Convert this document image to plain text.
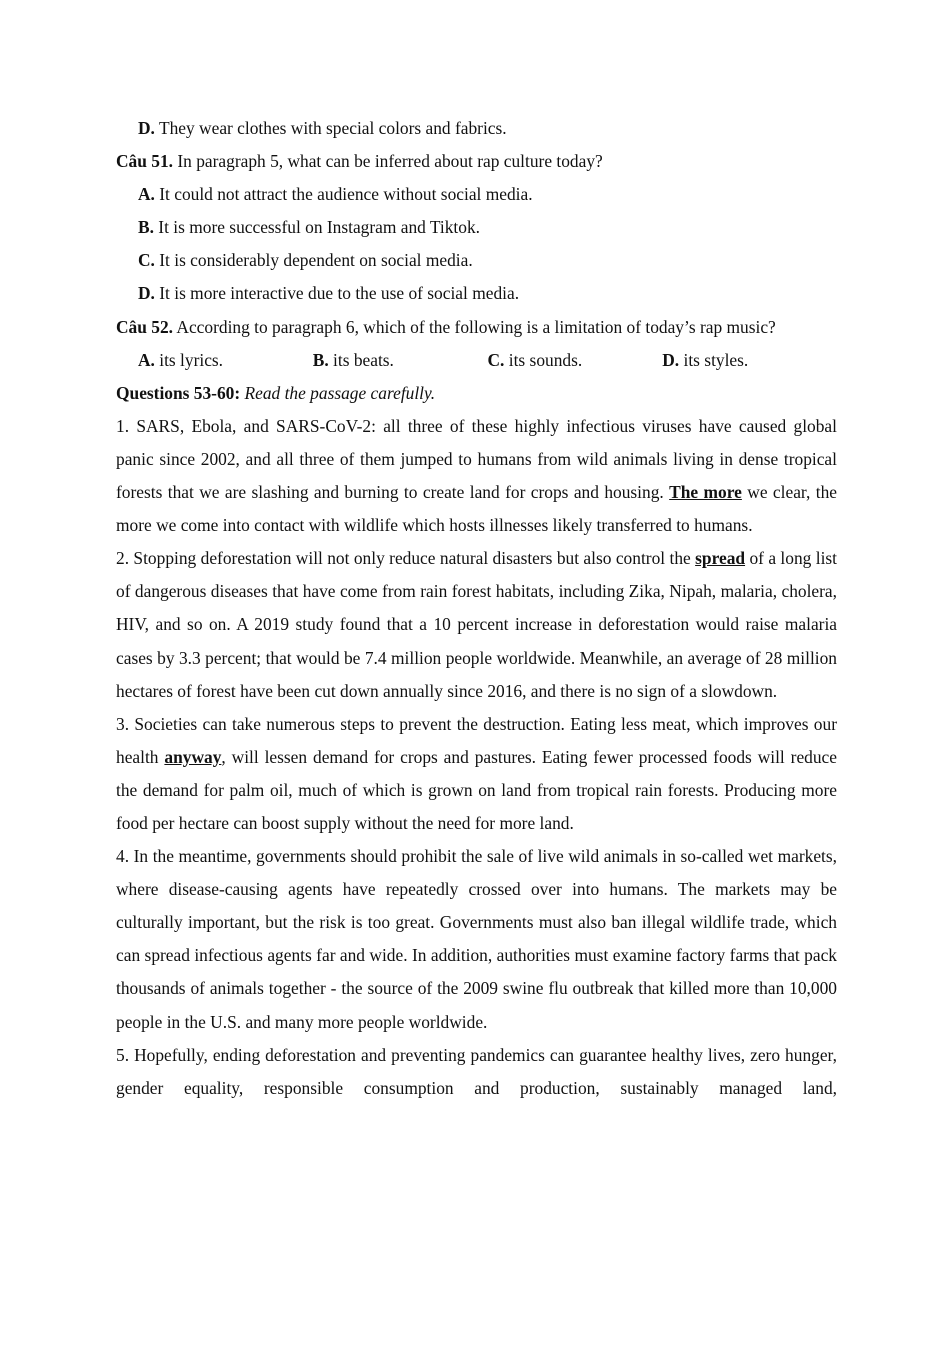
D. They wear clothes with special colors and fabrics.
Câu 51. In paragraph 5, what can be inferred about rap culture today?
A. It could not attract the audience without social media.
B. It is more successful on Instagram and Tiktok.
C. It is considerably dependent on social media.
D. It is more interactive due to the use of social media.
Câu 52. According to paragraph 6, which of the following is a limitation of today’s rap music?
A. its lyrics.	B. its beats.	C. its sounds.	D. its styles.
Questions 53-60: Read the passage carefully.
1. SARS, Ebola, and SARS-CoV-2: all three of these highly infectious viruses have caused global panic since 2002, and all three of them jumped to humans from wild animals living in dense tropical forests that we are slashing and burning to create land for crops and housing. The more we clear, the more we come into contact with wildlife which hosts illnesses likely transferred to humans.
2. Stopping deforestation will not only reduce natural disasters but also control the spread of a long list of dangerous diseases that have come from rain forest habitats, including Zika, Nipah, malaria, cholera, HIV, and so on. A 2019 study found that a 10 percent increase in deforestation would raise malaria cases by 3.3 percent; that would be 7.4 million people worldwide. Meanwhile, an average of 28 million hectares of forest have been cut down annually since 2016, and there is no sign of a slowdown.
3. Societies can take numerous steps to prevent the destruction. Eating less meat, which improves our health anyway, will lessen demand for crops and pastures. Eating fewer processed foods will reduce the demand for palm oil, much of which is grown on land from tropical rain forests. Producing more food per hectare can boost supply without the need for more land.
4. In the meantime, governments should prohibit the sale of live wild animals in so-called wet markets, where disease-causing agents have repeatedly crossed over into humans. The markets may be culturally important, but the risk is too great. Governments must also ban illegal wildlife trade, which can spread infectious agents far and wide. In addition, authorities must examine factory farms that pack thousands of animals together - the source of the 2009 swine flu outbreak that killed more than 10,000 people in the U.S. and many more people worldwide.
5. Hopefully, ending deforestation and preventing pandemics can guarantee healthy lives, zero hunger, gender equality, responsible consumption and production, sustainably managed land,
